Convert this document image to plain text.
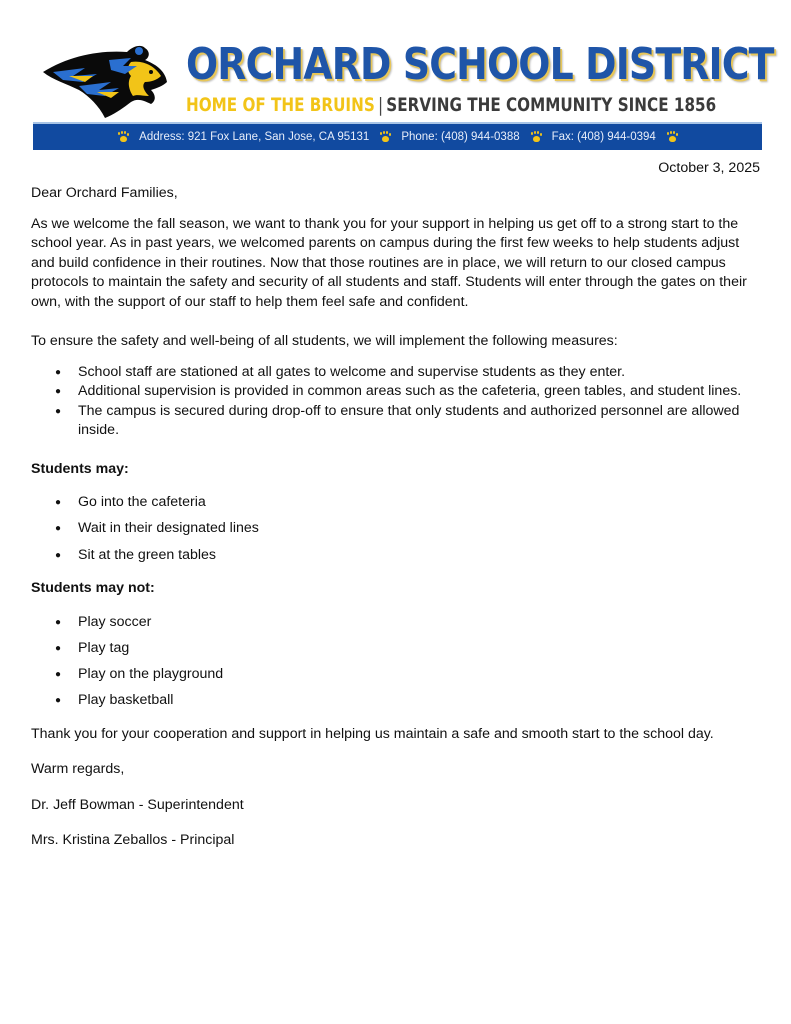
ORCHARD SCHOOL DISTRICT
HOME OF THE BRUINS | SERVING THE COMMUNITY SINCE 1856
Address: 921 Fox Lane, San Jose, CA 95131	Phone: (408) 944-0388	Fax: (408) 944-0394
October 3, 2025

Dear Orchard Families,

As we welcome the fall season, we want to thank you for your support in helping us get off to a strong start to the school year. As in past years, we welcomed parents on campus during the first few weeks to help students adjust and build confidence in their routines. Now that those routines are in place, we will return to our closed campus protocols to maintain the safety and security of all students and staff. Students will enter through the gates on their own, with the support of our staff to help them feel safe and confident.

To ensure the safety and well-being of all students, we will implement the following measures:

● School staff are stationed at all gates to welcome and supervise students as they enter.
● Additional supervision is provided in common areas such as the cafeteria, green tables, and student lines.
● The campus is secured during drop-off to ensure that only students and authorized personnel are allowed inside.

Students may:

● Go into the cafeteria
● Wait in their designated lines
● Sit at the green tables

Students may not:

● Play soccer
● Play tag
● Play on the playground
● Play basketball

Thank you for your cooperation and support in helping us maintain a safe and smooth start to the school day.

Warm regards,

Dr. Jeff Bowman - Superintendent

Mrs. Kristina Zeballos - Principal
